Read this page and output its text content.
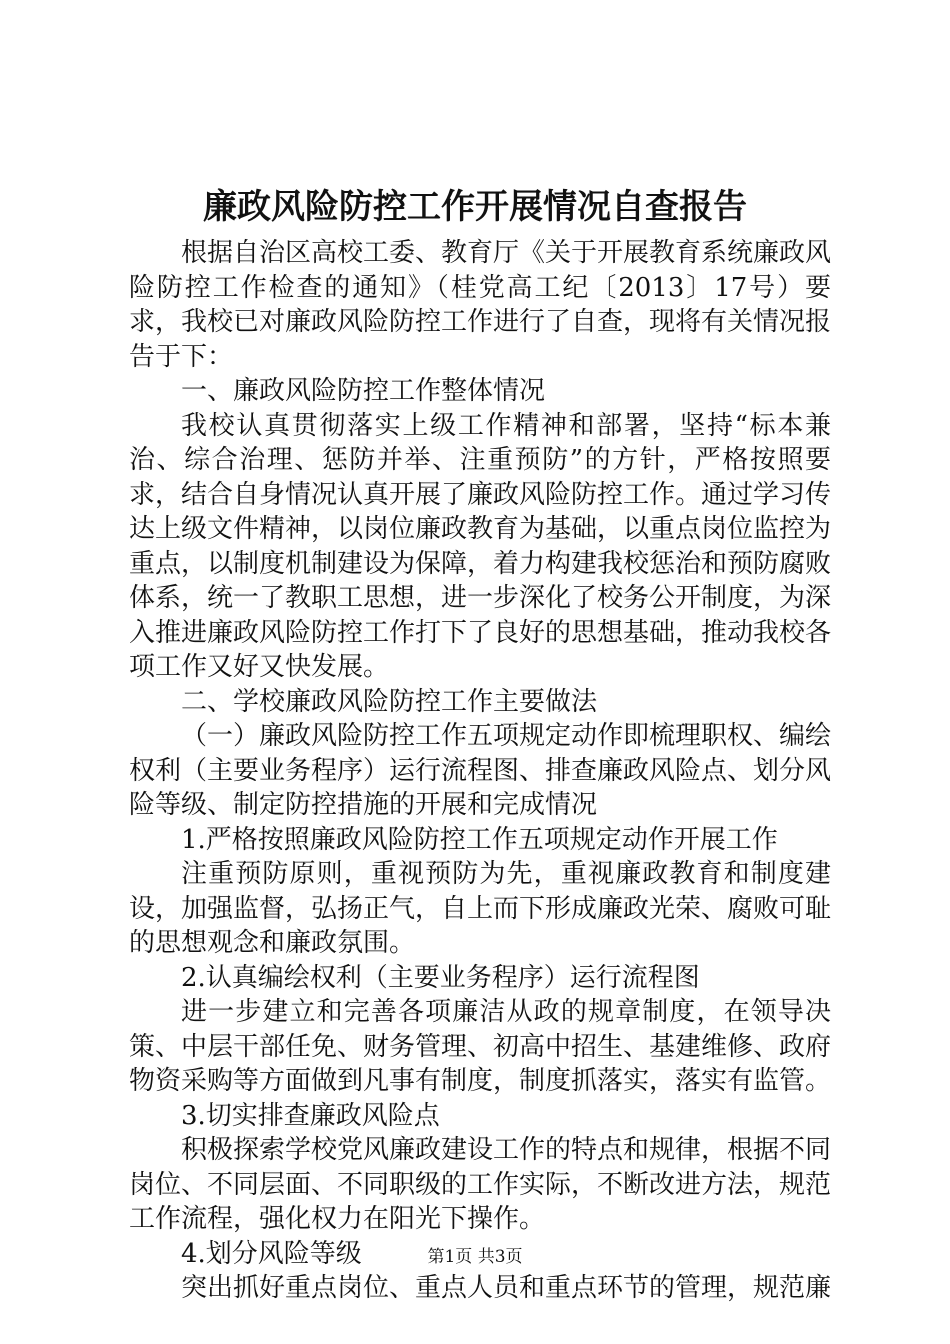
廉政风险防控工作开展情况自查报告

根据自治区高校工委、教育厅《关于开展教育系统廉政风险防控工作检查的通知》（桂党高工纪〔2013〕17号）要求，我校已对廉政风险防控工作进行了自查，现将有关情况报告于下：

一、廉政风险防控工作整体情况

我校认真贯彻落实上级工作精神和部署，坚持“标本兼治、综合治理、惩防并举、注重预防”的方针，严格按照要求，结合自身情况认真开展了廉政风险防控工作。通过学习传达上级文件精神，以岗位廉政教育为基础，以重点岗位监控为重点，以制度机制建设为保障，着力构建我校惩治和预防腐败体系，统一了教职工思想，进一步深化了校务公开制度，为深入推进廉政风险防控工作打下了良好的思想基础，推动我校各项工作又好又快发展。

二、学校廉政风险防控工作主要做法

（一）廉政风险防控工作五项规定动作即梳理职权、编绘权利（主要业务程序）运行流程图、排查廉政风险点、划分风险等级、制定防控措施的开展和完成情况

1.严格按照廉政风险防控工作五项规定动作开展工作

注重预防原则，重视预防为先，重视廉政教育和制度建设，加强监督，弘扬正气，自上而下形成廉政光荣、腐败可耻的思想观念和廉政氛围。

2.认真编绘权利（主要业务程序）运行流程图

进一步建立和完善各项廉洁从政的规章制度，在领导决策、中层干部任免、财务管理、初高中招生、基建维修、政府物资采购等方面做到凡事有制度，制度抓落实，落实有监管。

3.切实排查廉政风险点

积极探索学校党风廉政建设工作的特点和规律，根据不同岗位、不同层面、不同职级的工作实际，不断改进方法，规范工作流程，强化权力在阳光下操作。

4.划分风险等级

突出抓好重点岗位、重点人员和重点环节的管理，规范廉

第1页 共3页
